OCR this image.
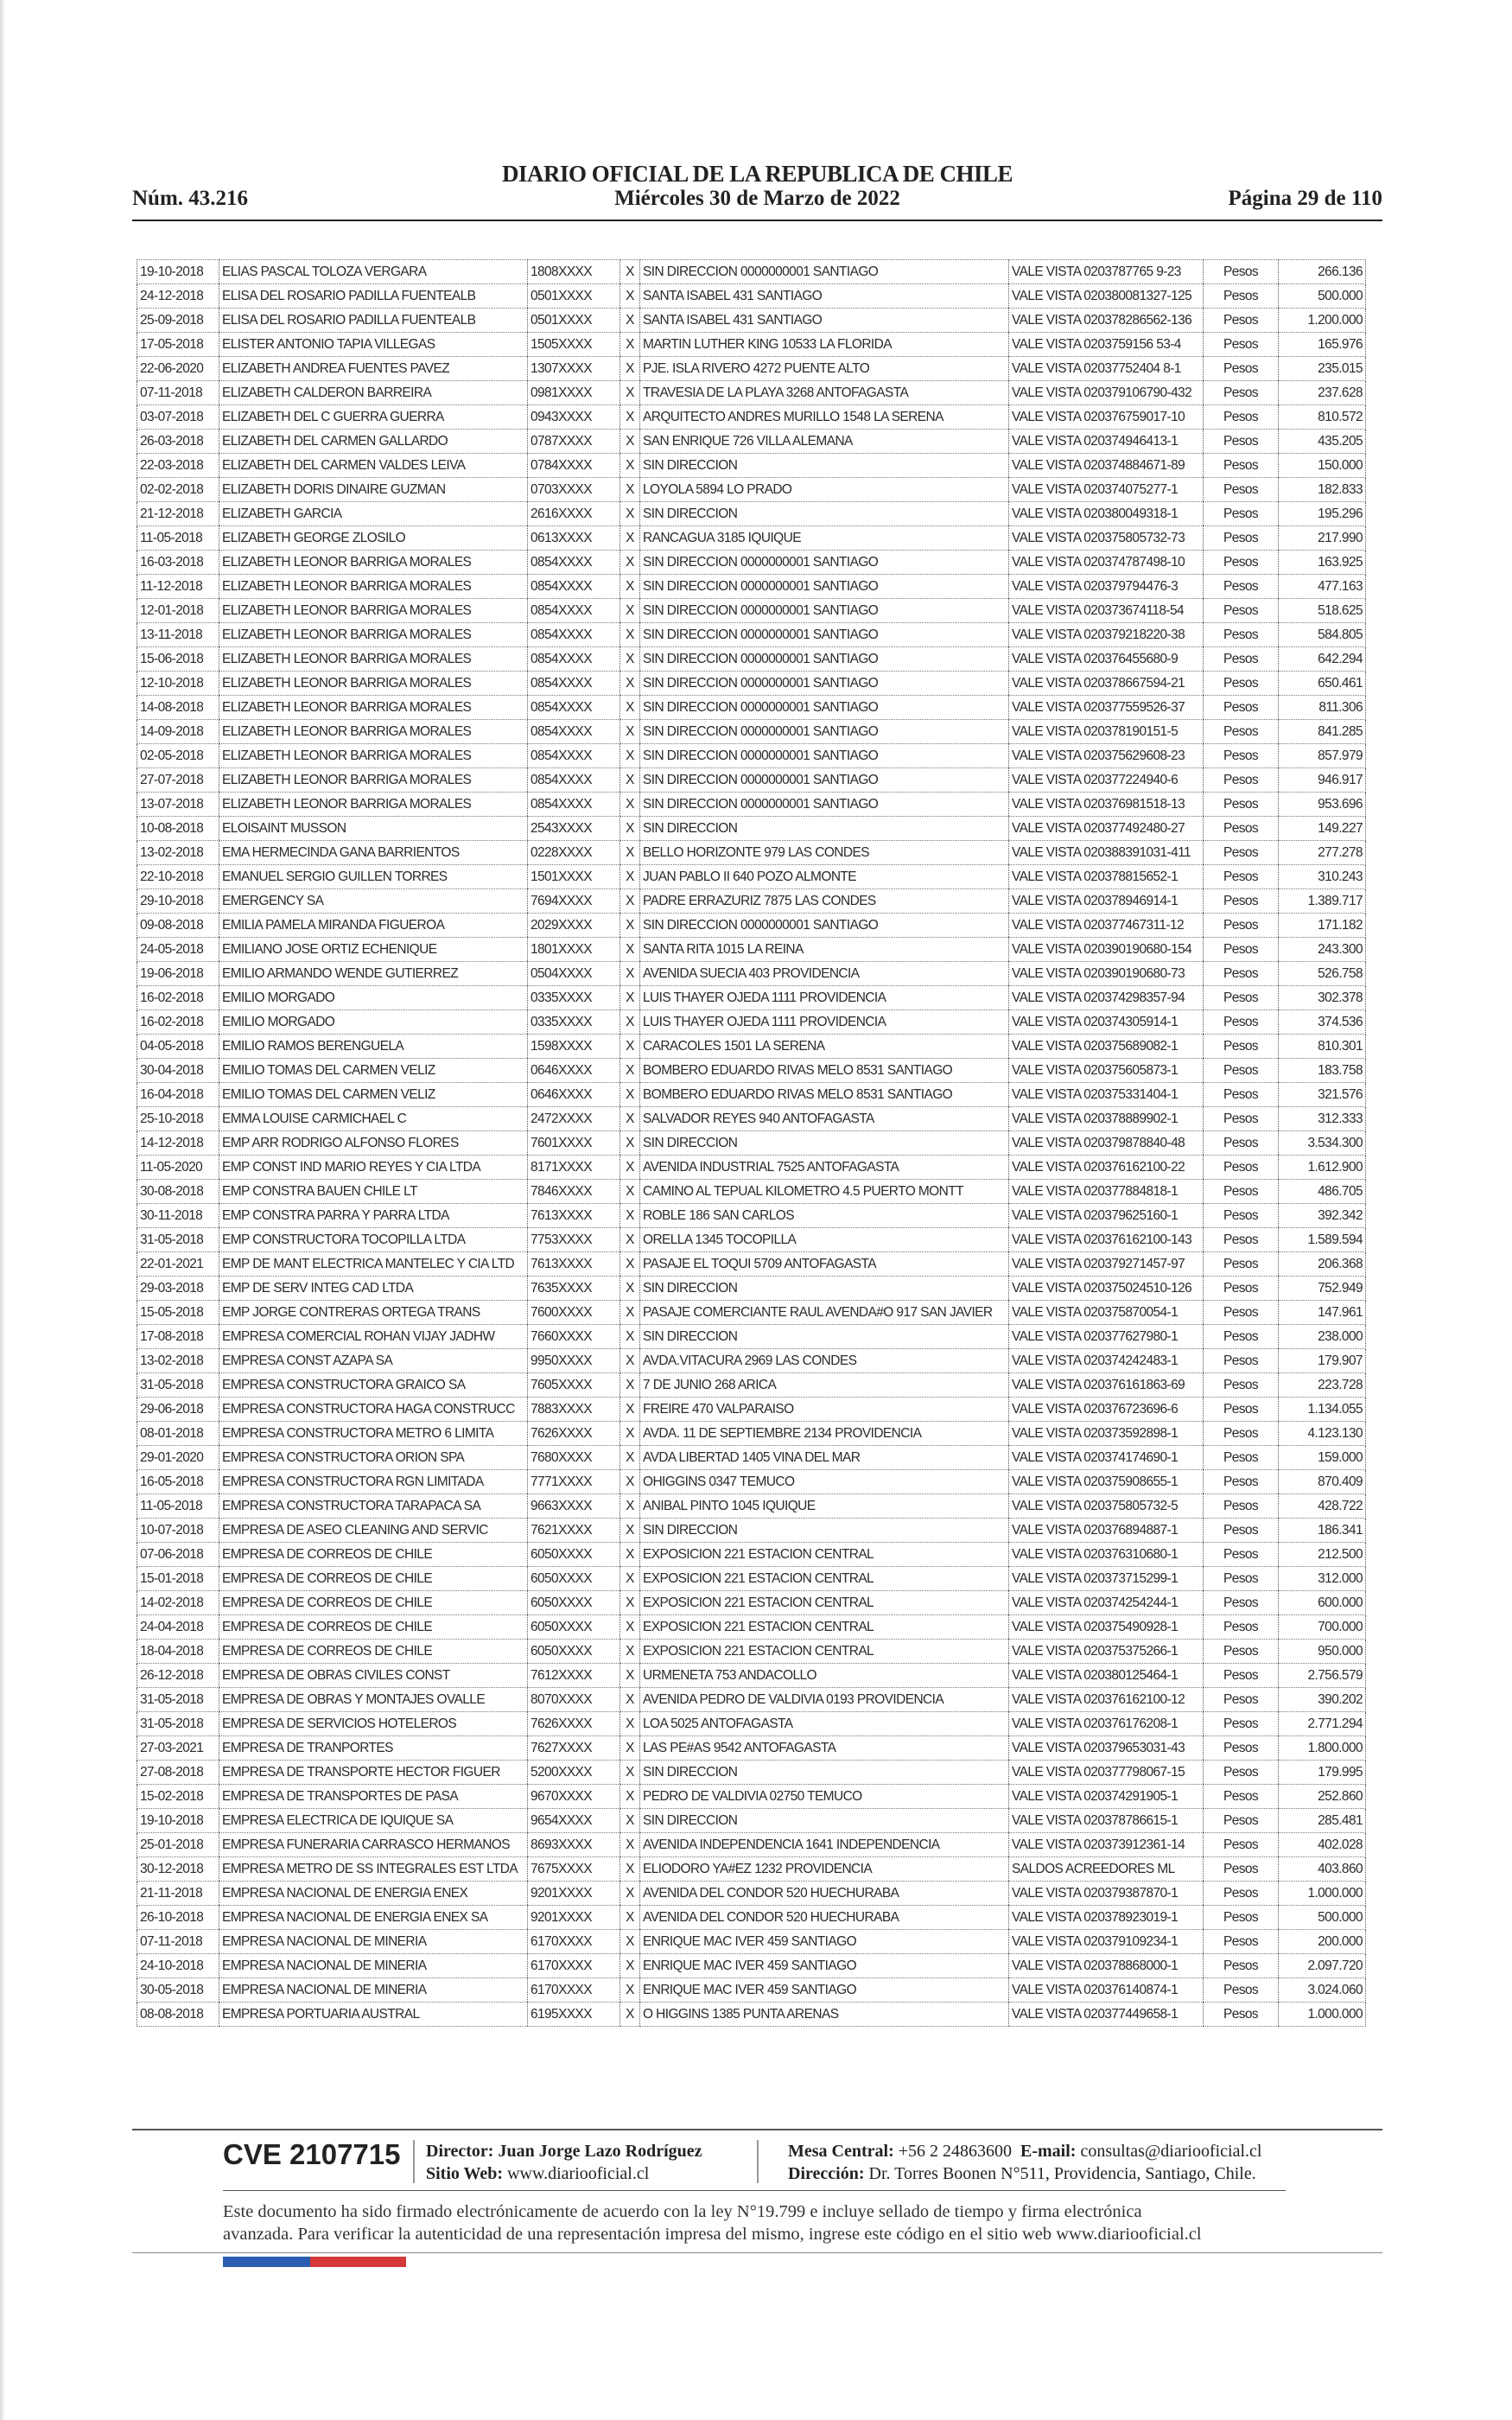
DIARIO OFICIAL DE LA REPUBLICA DE CHILE
Núm. 43.216	Miércoles 30 de Marzo de 2022	Página 29 de 110
19-10-2018	ELIAS PASCAL TOLOZA VERGARA	1808XXXX	X	SIN DIRECCION 0000000001 SANTIAGO	VALE VISTA 0203787765 9-23	Pesos	266.136
24-12-2018	ELISA DEL ROSARIO PADILLA FUENTEALB	0501XXXX	X	SANTA ISABEL 431 SANTIAGO	VALE VISTA 020380081327-125	Pesos	500.000
25-09-2018	ELISA DEL ROSARIO PADILLA FUENTEALB	0501XXXX	X	SANTA ISABEL 431 SANTIAGO	VALE VISTA 020378286562-136	Pesos	1.200.000
17-05-2018	ELISTER ANTONIO TAPIA VILLEGAS	1505XXXX	X	MARTIN LUTHER KING 10533 LA FLORIDA	VALE VISTA 0203759156 53-4	Pesos	165.976
22-06-2020	ELIZABETH ANDREA FUENTES PAVEZ	1307XXXX	X	PJE. ISLA RIVERO 4272 PUENTE ALTO	VALE VISTA 02037752404 8-1	Pesos	235.015
07-11-2018	ELIZABETH CALDERON BARREIRA	0981XXXX	X	TRAVESIA DE LA PLAYA 3268 ANTOFAGASTA	VALE VISTA 020379106790-432	Pesos	237.628
03-07-2018	ELIZABETH DEL C GUERRA GUERRA	0943XXXX	X	ARQUITECTO ANDRES MURILLO 1548 LA SERENA	VALE VISTA 020376759017-10	Pesos	810.572
26-03-2018	ELIZABETH DEL CARMEN GALLARDO	0787XXXX	X	SAN ENRIQUE 726 VILLA ALEMANA	VALE VISTA 020374946413-1	Pesos	435.205
22-03-2018	ELIZABETH DEL CARMEN VALDES LEIVA	0784XXXX	X	SIN DIRECCION	VALE VISTA 020374884671-89	Pesos	150.000
02-02-2018	ELIZABETH DORIS DINAIRE GUZMAN	0703XXXX	X	LOYOLA 5894 LO PRADO	VALE VISTA 020374075277-1	Pesos	182.833
21-12-2018	ELIZABETH GARCIA	2616XXXX	X	SIN DIRECCION	VALE VISTA 020380049318-1	Pesos	195.296
11-05-2018	ELIZABETH GEORGE ZLOSILO	0613XXXX	X	RANCAGUA 3185 IQUIQUE	VALE VISTA 020375805732-73	Pesos	217.990
16-03-2018	ELIZABETH LEONOR BARRIGA MORALES	0854XXXX	X	SIN DIRECCION 0000000001 SANTIAGO	VALE VISTA 020374787498-10	Pesos	163.925
11-12-2018	ELIZABETH LEONOR BARRIGA MORALES	0854XXXX	X	SIN DIRECCION 0000000001 SANTIAGO	VALE VISTA 020379794476-3	Pesos	477.163
12-01-2018	ELIZABETH LEONOR BARRIGA MORALES	0854XXXX	X	SIN DIRECCION 0000000001 SANTIAGO	VALE VISTA 020373674118-54	Pesos	518.625
13-11-2018	ELIZABETH LEONOR BARRIGA MORALES	0854XXXX	X	SIN DIRECCION 0000000001 SANTIAGO	VALE VISTA 020379218220-38	Pesos	584.805
15-06-2018	ELIZABETH LEONOR BARRIGA MORALES	0854XXXX	X	SIN DIRECCION 0000000001 SANTIAGO	VALE VISTA 020376455680-9	Pesos	642.294
12-10-2018	ELIZABETH LEONOR BARRIGA MORALES	0854XXXX	X	SIN DIRECCION 0000000001 SANTIAGO	VALE VISTA 020378667594-21	Pesos	650.461
14-08-2018	ELIZABETH LEONOR BARRIGA MORALES	0854XXXX	X	SIN DIRECCION 0000000001 SANTIAGO	VALE VISTA 020377559526-37	Pesos	811.306
14-09-2018	ELIZABETH LEONOR BARRIGA MORALES	0854XXXX	X	SIN DIRECCION 0000000001 SANTIAGO	VALE VISTA 020378190151-5	Pesos	841.285
02-05-2018	ELIZABETH LEONOR BARRIGA MORALES	0854XXXX	X	SIN DIRECCION 0000000001 SANTIAGO	VALE VISTA 020375629608-23	Pesos	857.979
27-07-2018	ELIZABETH LEONOR BARRIGA MORALES	0854XXXX	X	SIN DIRECCION 0000000001 SANTIAGO	VALE VISTA 020377224940-6	Pesos	946.917
13-07-2018	ELIZABETH LEONOR BARRIGA MORALES	0854XXXX	X	SIN DIRECCION 0000000001 SANTIAGO	VALE VISTA 020376981518-13	Pesos	953.696
10-08-2018	ELOISAINT MUSSON	2543XXXX	X	SIN DIRECCION	VALE VISTA 020377492480-27	Pesos	149.227
13-02-2018	EMA HERMECINDA GANA BARRIENTOS	0228XXXX	X	BELLO HORIZONTE 979 LAS CONDES	VALE VISTA 020388391031-411	Pesos	277.278
22-10-2018	EMANUEL SERGIO GUILLEN TORRES	1501XXXX	X	JUAN PABLO II 640 POZO ALMONTE	VALE VISTA 020378815652-1	Pesos	310.243
29-10-2018	EMERGENCY SA	7694XXXX	X	PADRE ERRAZURIZ 7875 LAS CONDES	VALE VISTA 020378946914-1	Pesos	1.389.717
09-08-2018	EMILIA PAMELA MIRANDA FIGUEROA	2029XXXX	X	SIN DIRECCION 0000000001 SANTIAGO	VALE VISTA 020377467311-12	Pesos	171.182
24-05-2018	EMILIANO JOSE ORTIZ ECHENIQUE	1801XXXX	X	SANTA RITA 1015 LA REINA	VALE VISTA 020390190680-154	Pesos	243.300
19-06-2018	EMILIO ARMANDO WENDE GUTIERREZ	0504XXXX	X	AVENIDA SUECIA 403 PROVIDENCIA	VALE VISTA 020390190680-73	Pesos	526.758
16-02-2018	EMILIO MORGADO	0335XXXX	X	LUIS THAYER OJEDA 1111 PROVIDENCIA	VALE VISTA 020374298357-94	Pesos	302.378
16-02-2018	EMILIO MORGADO	0335XXXX	X	LUIS THAYER OJEDA 1111 PROVIDENCIA	VALE VISTA 020374305914-1	Pesos	374.536
04-05-2018	EMILIO RAMOS BERENGUELA	1598XXXX	X	CARACOLES 1501 LA SERENA	VALE VISTA 020375689082-1	Pesos	810.301
30-04-2018	EMILIO TOMAS DEL CARMEN VELIZ	0646XXXX	X	BOMBERO EDUARDO RIVAS MELO 8531 SANTIAGO	VALE VISTA 020375605873-1	Pesos	183.758
16-04-2018	EMILIO TOMAS DEL CARMEN VELIZ	0646XXXX	X	BOMBERO EDUARDO RIVAS MELO 8531 SANTIAGO	VALE VISTA 020375331404-1	Pesos	321.576
25-10-2018	EMMA LOUISE CARMICHAEL C	2472XXXX	X	SALVADOR REYES 940 ANTOFAGASTA	VALE VISTA 020378889902-1	Pesos	312.333
14-12-2018	EMP ARR RODRIGO ALFONSO FLORES	7601XXXX	X	SIN DIRECCION	VALE VISTA 020379878840-48	Pesos	3.534.300
11-05-2020	EMP CONST IND MARIO REYES Y CIA LTDA	8171XXXX	X	AVENIDA INDUSTRIAL 7525 ANTOFAGASTA	VALE VISTA 020376162100-22	Pesos	1.612.900
30-08-2018	EMP CONSTRA BAUEN CHILE LT	7846XXXX	X	CAMINO AL TEPUAL KILOMETRO 4.5 PUERTO MONTT	VALE VISTA 020377884818-1	Pesos	486.705
30-11-2018	EMP CONSTRA PARRA Y PARRA LTDA	7613XXXX	X	ROBLE 186 SAN CARLOS	VALE VISTA 020379625160-1	Pesos	392.342
31-05-2018	EMP CONSTRUCTORA TOCOPILLA LTDA	7753XXXX	X	ORELLA 1345 TOCOPILLA	VALE VISTA 020376162100-143	Pesos	1.589.594
22-01-2021	EMP DE MANT ELECTRICA MANTELEC Y CIA LTD	7613XXXX	X	PASAJE EL TOQUI 5709 ANTOFAGASTA	VALE VISTA 020379271457-97	Pesos	206.368
29-03-2018	EMP DE SERV INTEG CAD LTDA	7635XXXX	X	SIN DIRECCION	VALE VISTA 020375024510-126	Pesos	752.949
15-05-2018	EMP JORGE CONTRERAS ORTEGA TRANS	7600XXXX	X	PASAJE COMERCIANTE RAUL AVENDA#O 917 SAN JAVIER	VALE VISTA 020375870054-1	Pesos	147.961
17-08-2018	EMPRESA COMERCIAL ROHAN VIJAY JADHW	7660XXXX	X	SIN DIRECCION	VALE VISTA 020377627980-1	Pesos	238.000
13-02-2018	EMPRESA CONST AZAPA SA	9950XXXX	X	AVDA.VITACURA 2969 LAS CONDES	VALE VISTA 020374242483-1	Pesos	179.907
31-05-2018	EMPRESA CONSTRUCTORA GRAICO SA	7605XXXX	X	7 DE JUNIO 268 ARICA	VALE VISTA 020376161863-69	Pesos	223.728
29-06-2018	EMPRESA CONSTRUCTORA HAGA CONSTRUCC	7883XXXX	X	FREIRE 470 VALPARAISO	VALE VISTA 020376723696-6	Pesos	1.134.055
08-01-2018	EMPRESA CONSTRUCTORA METRO 6 LIMITA	7626XXXX	X	AVDA. 11 DE SEPTIEMBRE 2134 PROVIDENCIA	VALE VISTA 020373592898-1	Pesos	4.123.130
29-01-2020	EMPRESA CONSTRUCTORA ORION SPA	7680XXXX	X	AVDA LIBERTAD 1405 VINA DEL MAR	VALE VISTA 020374174690-1	Pesos	159.000
16-05-2018	EMPRESA CONSTRUCTORA RGN LIMITADA	7771XXXX	X	OHIGGINS 0347 TEMUCO	VALE VISTA 020375908655-1	Pesos	870.409
11-05-2018	EMPRESA CONSTRUCTORA TARAPACA SA	9663XXXX	X	ANIBAL PINTO 1045 IQUIQUE	VALE VISTA 020375805732-5	Pesos	428.722
10-07-2018	EMPRESA DE ASEO CLEANING AND SERVIC	7621XXXX	X	SIN DIRECCION	VALE VISTA 020376894887-1	Pesos	186.341
07-06-2018	EMPRESA DE CORREOS DE CHILE	6050XXXX	X	EXPOSICION 221 ESTACION CENTRAL	VALE VISTA 020376310680-1	Pesos	212.500
15-01-2018	EMPRESA DE CORREOS DE CHILE	6050XXXX	X	EXPOSICION 221 ESTACION CENTRAL	VALE VISTA 020373715299-1	Pesos	312.000
14-02-2018	EMPRESA DE CORREOS DE CHILE	6050XXXX	X	EXPOSICION 221 ESTACION CENTRAL	VALE VISTA 020374254244-1	Pesos	600.000
24-04-2018	EMPRESA DE CORREOS DE CHILE	6050XXXX	X	EXPOSICION 221 ESTACION CENTRAL	VALE VISTA 020375490928-1	Pesos	700.000
18-04-2018	EMPRESA DE CORREOS DE CHILE	6050XXXX	X	EXPOSICION 221 ESTACION CENTRAL	VALE VISTA 020375375266-1	Pesos	950.000
26-12-2018	EMPRESA DE OBRAS CIVILES CONST	7612XXXX	X	URMENETA 753 ANDACOLLO	VALE VISTA 020380125464-1	Pesos	2.756.579
31-05-2018	EMPRESA DE OBRAS Y MONTAJES OVALLE	8070XXXX	X	AVENIDA PEDRO DE VALDIVIA 0193 PROVIDENCIA	VALE VISTA 020376162100-12	Pesos	390.202
31-05-2018	EMPRESA DE SERVICIOS HOTELEROS	7626XXXX	X	LOA 5025 ANTOFAGASTA	VALE VISTA 020376176208-1	Pesos	2.771.294
27-03-2021	EMPRESA DE TRANPORTES	7627XXXX	X	LAS PE#AS 9542 ANTOFAGASTA	VALE VISTA 020379653031-43	Pesos	1.800.000
27-08-2018	EMPRESA DE TRANSPORTE HECTOR FIGUER	5200XXXX	X	SIN DIRECCION	VALE VISTA 020377798067-15	Pesos	179.995
15-02-2018	EMPRESA DE TRANSPORTES DE PASA	9670XXXX	X	PEDRO DE VALDIVIA 02750 TEMUCO	VALE VISTA 020374291905-1	Pesos	252.860
19-10-2018	EMPRESA ELECTRICA DE IQUIQUE SA	9654XXXX	X	SIN DIRECCION	VALE VISTA 020378786615-1	Pesos	285.481
25-01-2018	EMPRESA FUNERARIA CARRASCO HERMANOS	8693XXXX	X	AVENIDA INDEPENDENCIA 1641 INDEPENDENCIA	VALE VISTA 020373912361-14	Pesos	402.028
30-12-2018	EMPRESA METRO DE SS INTEGRALES EST LTDA	7675XXXX	X	ELIODORO YA#EZ 1232 PROVIDENCIA	SALDOS ACREEDORES ML	Pesos	403.860
21-11-2018	EMPRESA NACIONAL DE ENERGIA ENEX	9201XXXX	X	AVENIDA DEL CONDOR 520 HUECHURABA	VALE VISTA 020379387870-1	Pesos	1.000.000
26-10-2018	EMPRESA NACIONAL DE ENERGIA ENEX SA	9201XXXX	X	AVENIDA DEL CONDOR 520 HUECHURABA	VALE VISTA 020378923019-1	Pesos	500.000
07-11-2018	EMPRESA NACIONAL DE MINERIA	6170XXXX	X	ENRIQUE MAC IVER 459 SANTIAGO	VALE VISTA 020379109234-1	Pesos	200.000
24-10-2018	EMPRESA NACIONAL DE MINERIA	6170XXXX	X	ENRIQUE MAC IVER 459 SANTIAGO	VALE VISTA 020378868000-1	Pesos	2.097.720
30-05-2018	EMPRESA NACIONAL DE MINERIA	6170XXXX	X	ENRIQUE MAC IVER 459 SANTIAGO	VALE VISTA 020376140874-1	Pesos	3.024.060
08-08-2018	EMPRESA PORTUARIA AUSTRAL	6195XXXX	X	O HIGGINS 1385 PUNTA ARENAS	VALE VISTA 020377449658-1	Pesos	1.000.000
CVE 2107715 Director: Juan Jorge Lazo Rodríguez
Sitio Web: www.diariooficial.cl
Mesa Central: +56 2 24863600 E-mail: consultas@diariooficial.cl
Dirección: Dr. Torres Boonen N°511, Providencia, Santiago, Chile.
Este documento ha sido firmado electrónicamente de acuerdo con la ley N°19.799 e incluye sellado de tiempo y firma electrónica
avanzada. Para verificar la autenticidad de una representación impresa del mismo, ingrese este código en el sitio web www.diariooficial.cl
